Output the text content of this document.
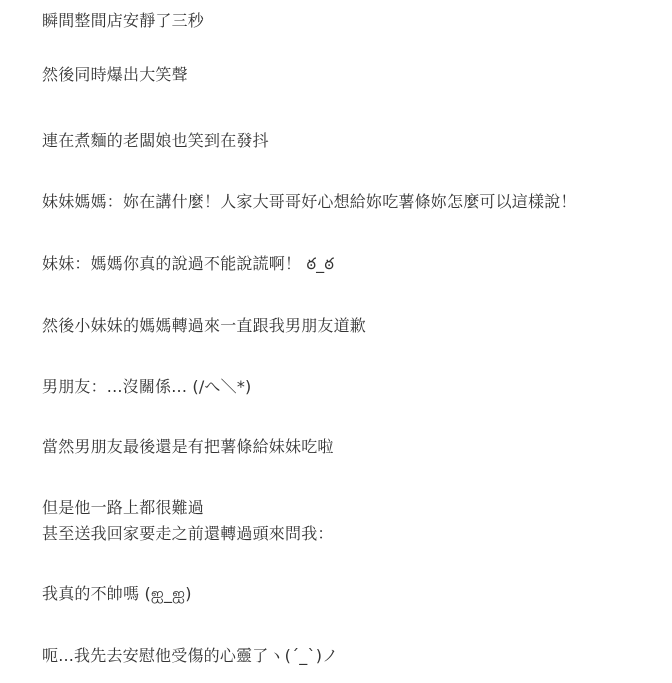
瞬間整間店安靜了三秒

然後同時爆出大笑聲

連在煮麵的老闆娘也笑到在發抖

妹妹媽媽：妳在講什麼！人家大哥哥好心想給妳吃薯條妳怎麼可以這樣說！

妹妹：媽媽你真的說過不能說謊啊！ ఠ_ఠ

然後小妹妹的媽媽轉過來一直跟我男朋友道歉

男朋友：...沒關係... (/へ＼*)

當然男朋友最後還是有把薯條給妹妹吃啦

但是他一路上都很難過
甚至送我回家要走之前還轉過頭來問我：

我真的不帥嗎 (ஐ_ஐ)

呃...我先去安慰他受傷的心靈了ヽ(ˊ_ˋ)ノ
